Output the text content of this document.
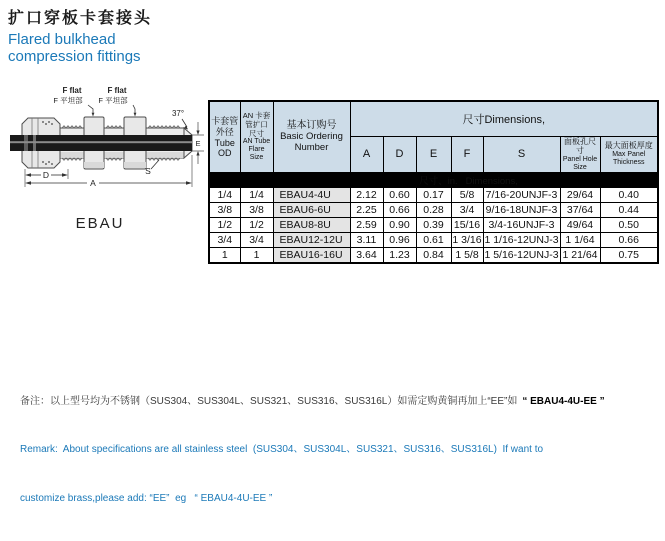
扩口穿板卡套接头
Flared bulkhead
compression fittings
D
A
E
37°
S
F flat
F 平坦部
F flat
F 平坦部
EBAU
卡套管
外径
Tube
OD

AN 卡套
管扩口
尺寸
AN Tube
Flare
Size

基本订购号
Basic Ordering
Number
	尺寸Dimensions,
			A	D	E	F	S	面板孔尺寸
Panel Hole
Size	最大面板厚度
Max Panel
Thickness

尺寸、in.   Dimensions,									
1/4	1/4	EBAU4-4U	2.12	0.60	0.17	5/8	7/16-20UNJF-3	29/64	0.40
3/8	3/8	EBAU6-6U	2.25	0.66	0.28	3/4	9/16-18UNJF-3	37/64	0.44
1/2	1/2	EBAU8-8U	2.59	0.90	0.39	15/16	3/4-16UNJF-3	49/64	0.50
3/4	3/4	EBAU12-12U	3.11	0.96	0.61	1 3/16	1 1/16-12UNJ-3	1 1/64	0.66
1	1	EBAU16-16U	3.64	1.23	0.84	1 5/8	1 5/16-12UNJ-3	1 21/64	0.75

备注：以上型号均为不锈钢（SUS304、SUS304L、SUS321、SUS316、SUS316L）如需定购黄铜再加上“EE”如 “ EBAU4-4U-EE ”

Remark:  About specifications are all stainless steel  (SUS304、SUS304L、SUS321、SUS316、SUS316L)  If want to

customize brass,please add: “EE”  eg   “ EBAU4-4U-EE ”
